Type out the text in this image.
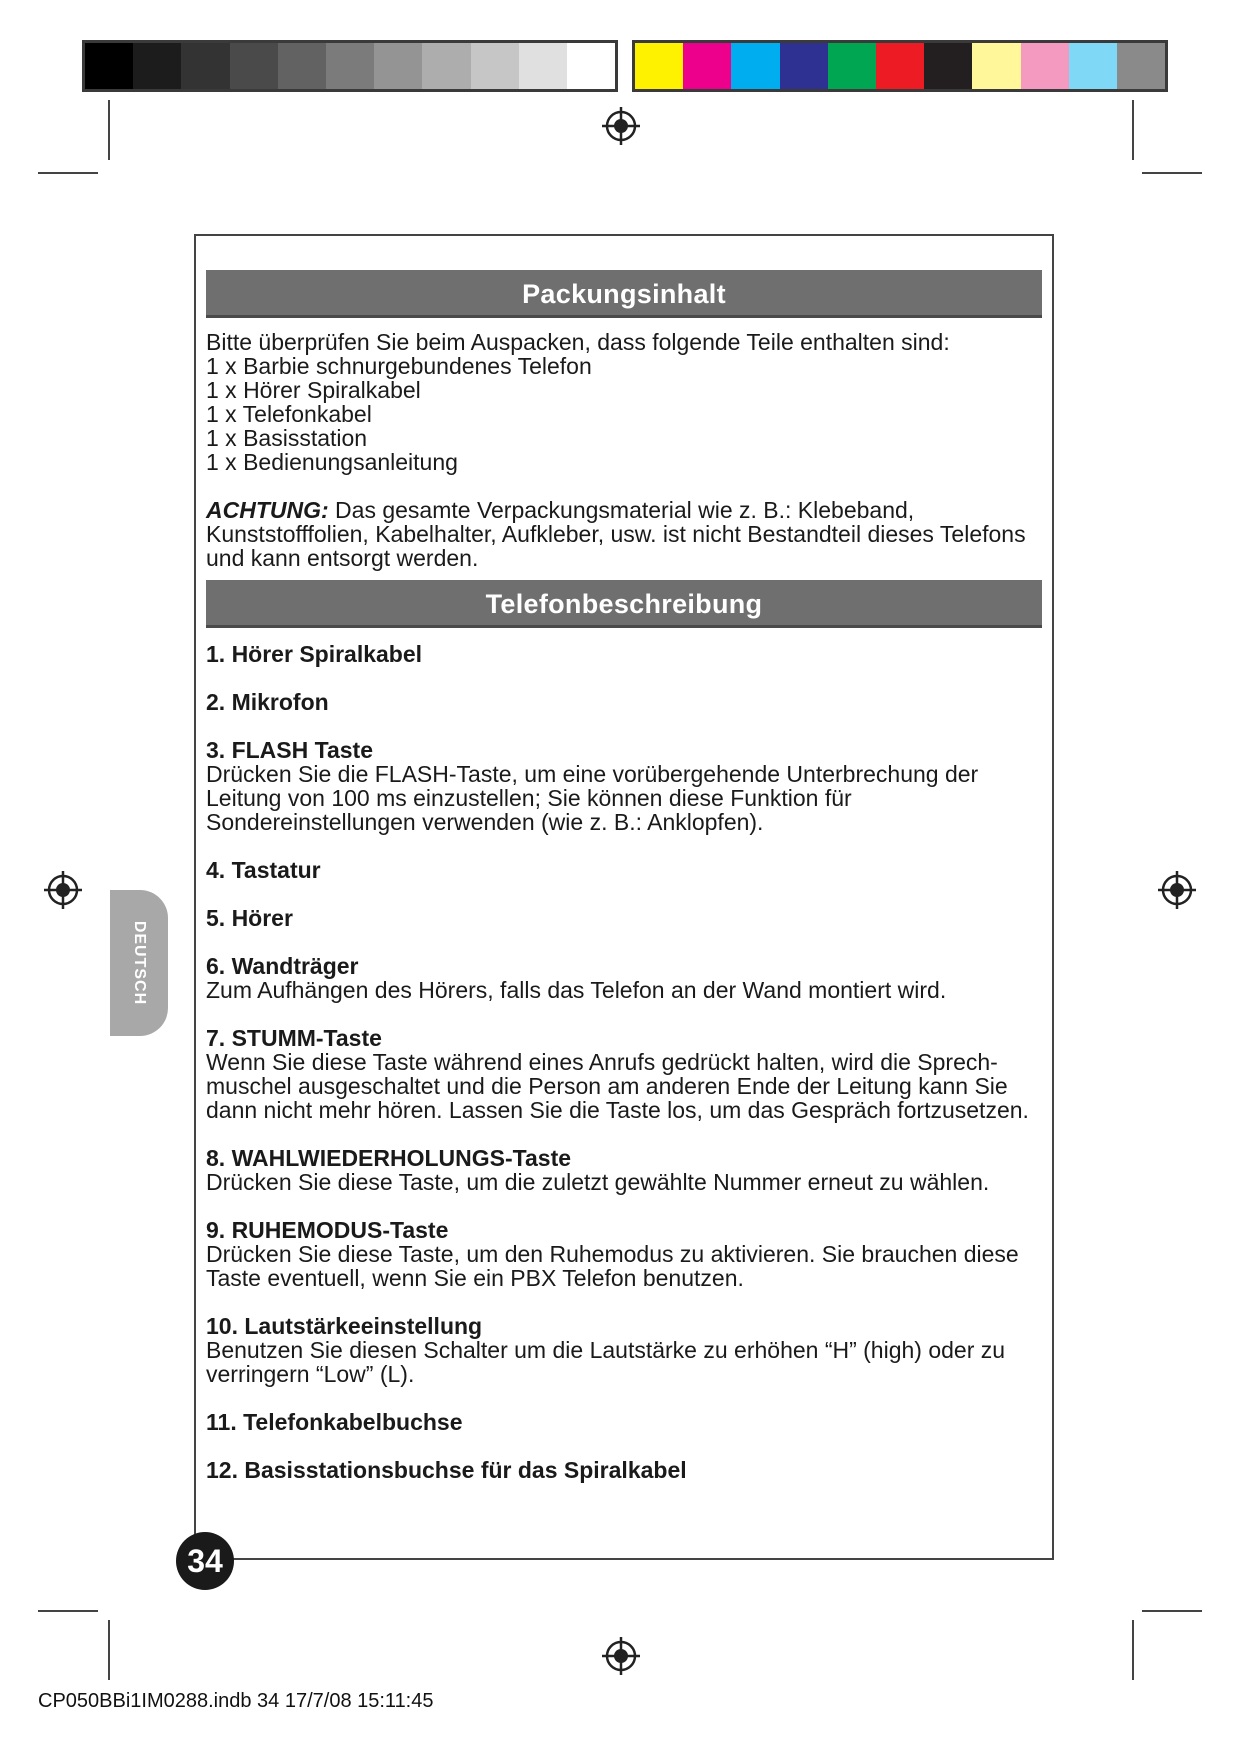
Packungsinhalt
Bitte überprüfen Sie beim Auspacken, dass folgende Teile enthalten sind:
1 x Barbie schnurgebundenes Telefon
1 x Hörer Spiralkabel
1 x Telefonkabel
1 x Basisstation
1 x Bedienungsanleitung
ACHTUNG: Das gesamte Verpackungsmaterial wie z. B.: Klebeband, Kunststofffolien, Kabelhalter, Aufkleber, usw. ist nicht Bestandteil dieses Telefons und kann entsorgt werden.
Telefonbeschreibung
1. Hörer Spiralkabel
2. Mikrofon
3. FLASH Taste
Drücken Sie die FLASH-Taste, um eine vorübergehende Unterbrechung der Leitung von 100 ms einzustellen; Sie können diese Funktion für Sondereinstellungen verwenden (wie z. B.: Anklopfen).
4. Tastatur
5. Hörer
6. Wandträger
Zum Aufhängen des Hörers, falls das Telefon an der Wand montiert wird.
7. STUMM-Taste
Wenn Sie diese Taste während eines Anrufs gedrückt halten, wird die Sprech-muschel ausgeschaltet und die Person am anderen Ende der Leitung kann Sie dann nicht mehr hören. Lassen Sie die Taste los, um das Gespräch fortzusetzen.
8. WAHLWIEDERHOLUNGS-Taste
Drücken Sie diese Taste, um die zuletzt gewählte Nummer erneut zu wählen.
9. RUHEMODUS-Taste
Drücken Sie diese Taste, um den Ruhemodus zu aktivieren. Sie brauchen diese Taste eventuell, wenn Sie ein PBX Telefon benutzen.
10. Lautstärkeeinstellung
Benutzen Sie diesen Schalter um die Lautstärke zu erhöhen “H” (high) oder zu verringern “Low” (L).
11. Telefonkabelbuchse
12. Basisstationsbuchse für das Spiralkabel
DEUTSCH
34
CP050BBi1IM0288.indb 34 17/7/08 15:11:45
